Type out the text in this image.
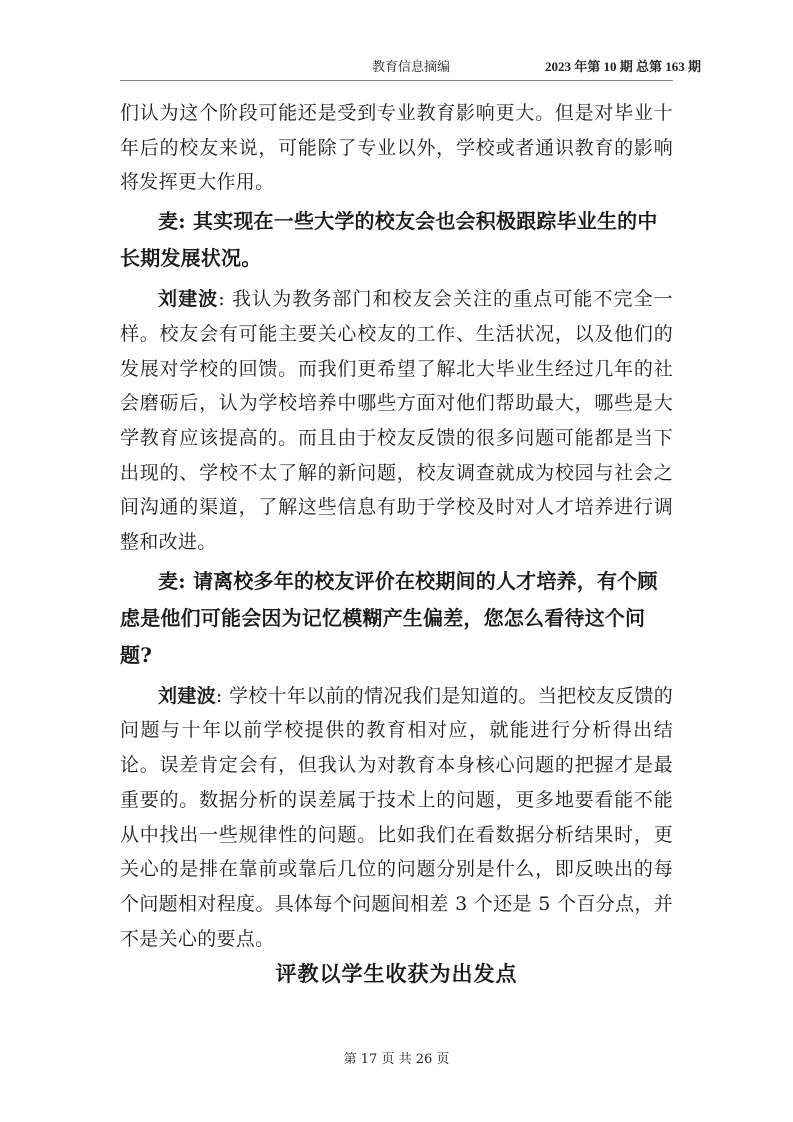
教育信息摘编	2023 年第 10 期 总第 163 期

们认为这个阶段可能还是受到专业教育影响更大。但是对毕业十年后的校友来说，可能除了专业以外，学校或者通识教育的影响将发挥更大作用。

麦: 其实现在一些大学的校友会也会积极跟踪毕业生的中长期发展状况。

刘建波: 我认为教务部门和校友会关注的重点可能不完全一样。校友会有可能主要关心校友的工作、生活状况，以及他们的发展对学校的回馈。而我们更希望了解北大毕业生经过几年的社会磨砺后，认为学校培养中哪些方面对他们帮助最大，哪些是大学教育应该提高的。而且由于校友反馈的很多问题可能都是当下出现的、学校不太了解的新问题，校友调查就成为校园与社会之间沟通的渠道，了解这些信息有助于学校及时对人才培养进行调整和改进。

麦: 请离校多年的校友评价在校期间的人才培养，有个顾虑是他们可能会因为记忆模糊产生偏差，您怎么看待这个问题?

刘建波: 学校十年以前的情况我们是知道的。当把校友反馈的问题与十年以前学校提供的教育相对应，就能进行分析得出结论。误差肯定会有，但我认为对教育本身核心问题的把握才是最重要的。数据分析的误差属于技术上的问题，更多地要看能不能从中找出一些规律性的问题。比如我们在看数据分析结果时，更关心的是排在靠前或靠后几位的问题分别是什么，即反映出的每个问题相对程度。具体每个问题间相差 3 个还是 5 个百分点，并不是关心的要点。

评教以学生收获为出发点
第 17 页 共 26 页
